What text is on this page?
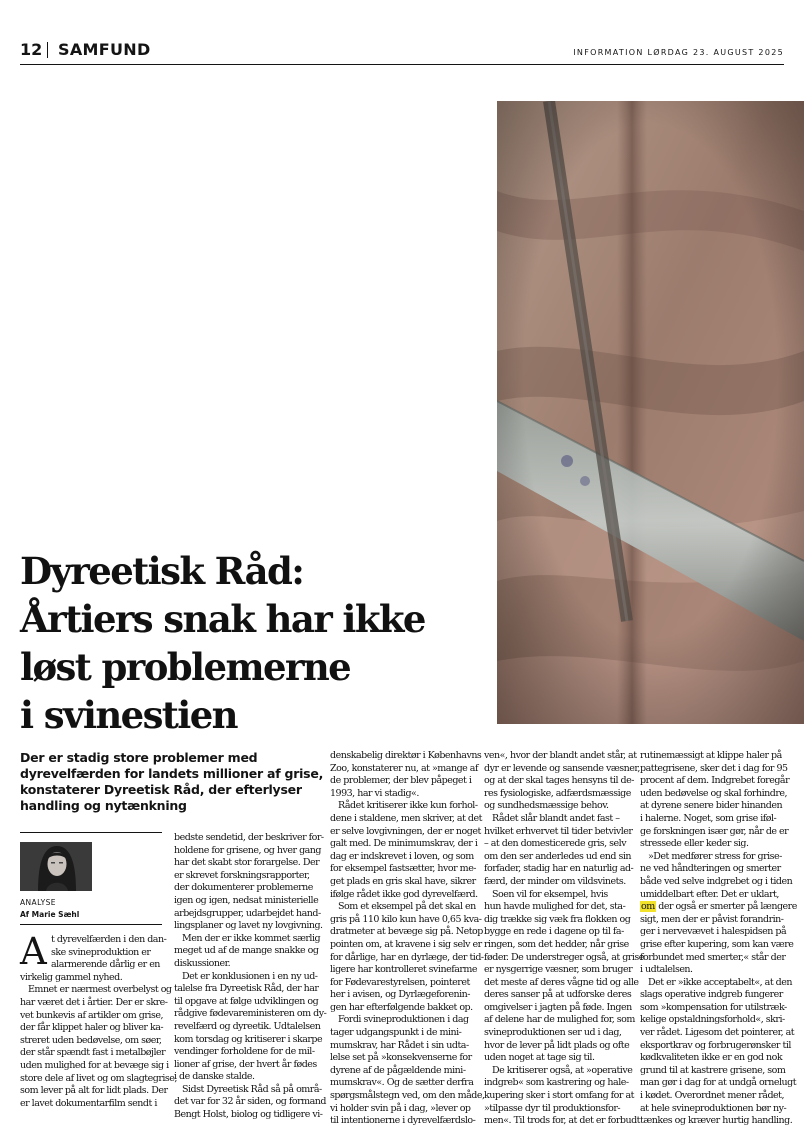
12 SAMFUND	INFORMATION LØRDAG 23. AUGUST 2025
Dyreetisk Råd:
Årtiers snak har ikke
løst problemerne
i svinestien
Der er stadig store problemer med
dyrevelfærden for landets millioner af grise,
konstaterer Dyreetisk Råd, der efterlyser
handling og nytænkning
ANALYSE
Af Marie Sæhl
A t dyrevelfærden i den dan-
ske svineproduktion er
alarmerende dårlig er en
virkelig gammel nyhed.
Emnet er nærmest overbelyst og
har været det i årtier. Der er skre-
vet bunkevis af artikler om grise,
der får klippet haler og bliver ka-
streret uden bedøvelse, om søer,
der står spændt fast i metalbøjler
uden mulighed for at bevæge sig i
store dele af livet og om slagtegrise,
som lever på alt for lidt plads. Der
er lavet dokumentarfilm sendt i
bedste sendetid, der beskriver for-
holdene for grisene, og hver gang
har det skabt stor forargelse. Der
er skrevet forskningsrapporter,
der dokumenterer problemerne
igen og igen, nedsat ministerielle
arbejdsgrupper, udarbejdet hand-
lingsplaner og lavet ny lovgivning.
Men der er ikke kommet særlig
meget ud af de mange snakke og
diskussioner.
Det er konklusionen i en ny ud-
talelse fra Dyreetisk Råd, der har
til opgave at følge udviklingen og
rådgive fødevareministeren om dy-
revelfærd og dyreetik. Udtalelsen
kom torsdag og kritiserer i skarpe
vendinger forholdene for de mil-
lioner af grise, der hvert år fødes
i de danske stalde.
Sidst Dyreetisk Råd så på områ-
det var for 32 år siden, og formand
Bengt Holst, biolog og tidligere vi-
denskabelig direktør i Københavns
Zoo, konstaterer nu, at »mange af
de problemer, der blev påpeget i
1993, har vi stadig«.
Rådet kritiserer ikke kun forhol-
dene i staldene, men skriver, at det
er selve lovgivningen, der er noget
galt med. De minimumskrav, der i
dag er indskrevet i loven, og som
for eksempel fastsætter, hvor me-
get plads en gris skal have, sikrer
ifølge rådet ikke god dyrevelfærd.
Som et eksempel på det skal en
gris på 110 kilo kun have 0,65 kva-
dratmeter at bevæge sig på. Netop
pointen om, at kravene i sig selv er
for dårlige, har en dyrlæge, der tid-
ligere har kontrolleret svinefarme
for Fødevarestyrelsen, pointeret
her i avisen, og Dyrlægeforenin-
gen har efterfølgende bakket op.
Fordi svineproduktionen i dag
tager udgangspunkt i de mini-
mumskrav, har Rådet i sin udta-
lelse set på »konsekvenserne for
dyrene af de pågældende mini-
mumskrav«. Og de sætter derfra
spørgsmålstegn ved, om den måde,
vi holder svin på i dag, »lever op
til intentionerne i dyrevelfærdslo-
ven«, hvor der blandt andet står, at
dyr er levende og sansende væsner,
og at der skal tages hensyns til de-
res fysiologiske, adfærdsmæssige
og sundhedsmæssige behov.
Rådet slår blandt andet fast –
hvilket erhvervet til tider betvivler
– at den domesticerede gris, selv
om den ser anderledes ud end sin
forfader, stadig har en naturlig ad-
færd, der minder om vildsvinets.
Soen vil for eksempel, hvis
hun havde mulighed for det, sta-
dig trække sig væk fra flokken og
bygge en rede i dagene op til fa-
ringen, som det hedder, når grise
føder. De understreger også, at grise
er nysgerrige væsner, som bruger
det meste af deres vågne tid og alle
deres sanser på at udforske deres
omgivelser i jagten på føde. Ingen
af delene har de mulighed for, som
svineproduktionen ser ud i dag,
hvor de lever på lidt plads og ofte
uden noget at tage sig til.
De kritiserer også, at »operative
indgreb« som kastrering og hale-
kupering sker i stort omfang for at
»tilpasse dyr til produktionsfor-
men«. Til trods for, at det er forbudt
rutinemæssigt at klippe haler på
pattegrisene, sker det i dag for 95
procent af dem. Indgrebet foregår
uden bedøvelse og skal forhindre,
at dyrene senere bider hinanden
i halerne. Noget, som grise iføl-
ge forskningen især gør, når de er
stressede eller keder sig.
»Det medfører stress for grise-
ne ved håndteringen og smerter
både ved selve indgrebet og i tiden
umiddelbart efter. Det er uklart,
om der også er smerter på længere
sigt, men der er påvist forandrin-
ger i nervevævet i halespidsen på
grise efter kupering, som kan være
forbundet med smerter,« står der
i udtalelsen.
Det er »ikke acceptabelt«, at den
slags operative indgreb fungerer
som »kompensation for utilstræk-
kelige opstaldningsforhold«, skri-
ver rådet. Ligesom det pointerer, at
eksportkrav og forbrugerønsker til
kødkvaliteten ikke er en god nok
grund til at kastrere grisene, som
man gør i dag for at undgå ornelugt
i kødet. Overordnet mener rådet,
at hele svineproduktionen bør ny-
tænkes og kræver hurtig handling.
